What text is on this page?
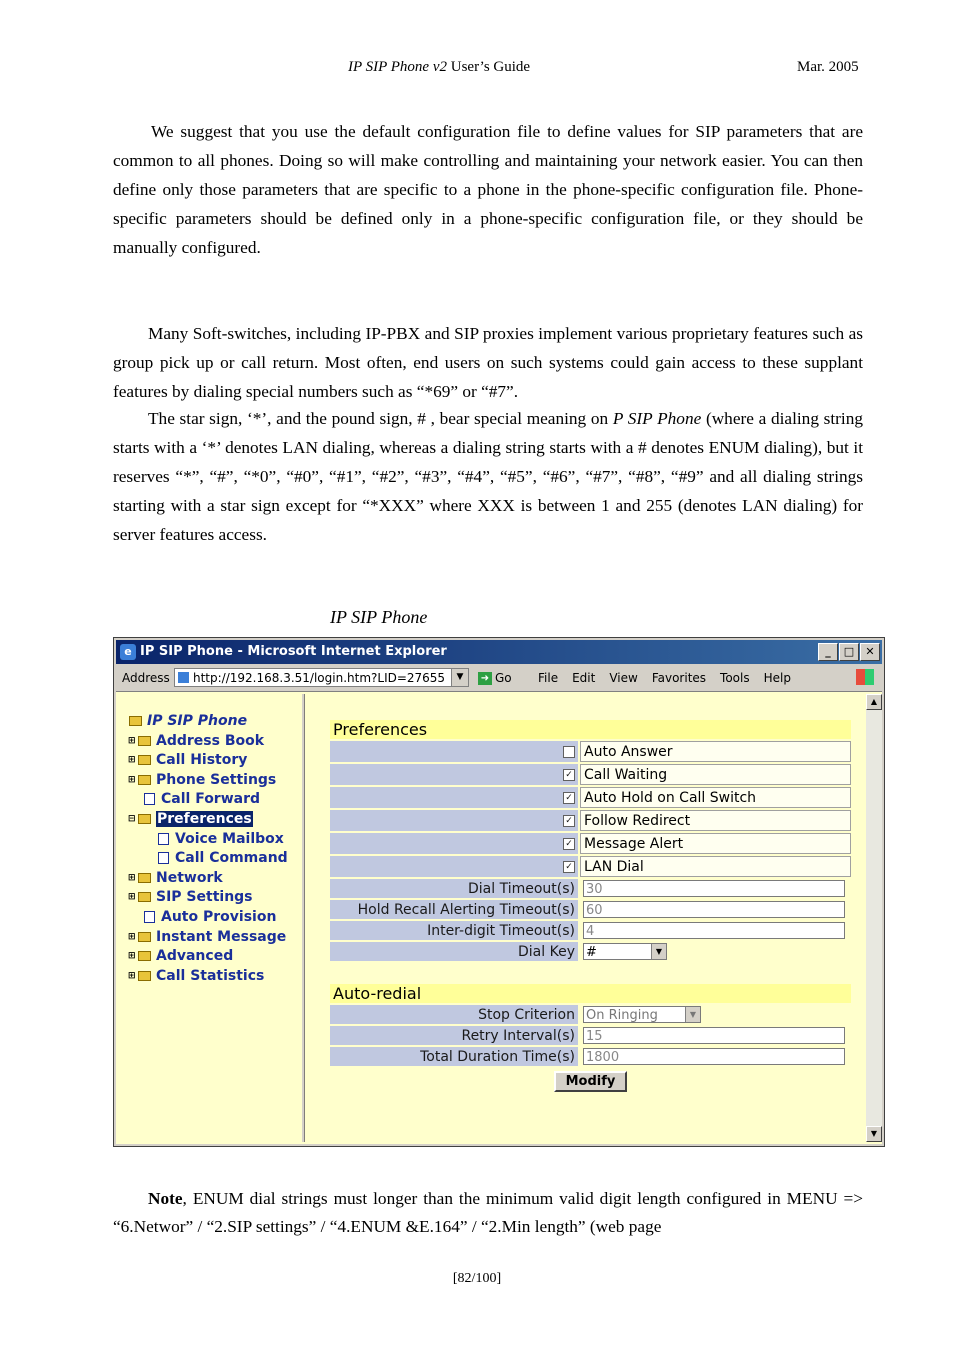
IP SIP Phone v2 User’s Guide	Mar. 2005

We suggest that you use the default configuration file to define values for SIP parameters that are common to all phones. Doing so will make controlling and maintaining your network easier. You can then define only those parameters that are specific to a phone in the phone-specific configuration file. Phone-specific parameters should be defined only in a phone-specific configuration file, or they should be manually configured.

Many Soft-switches, including IP-PBX and SIP proxies implement various proprietary features such as group pick up or call return. Most often, end users on such systems could gain access to these supplant features by dialing special numbers such as “*69” or “#7”.

The star sign, ‘*’, and the pound sign, # , bear special meaning on P SIP Phone (where a dialing string starts with a ‘*’ denotes LAN dialing, whereas a dialing string starts with a # denotes ENUM dialing), but it reserves “*”, “#”, “*0”, “#0”, “#1”, “#2”, “#3”, “#4”, “#5”, “#6”, “#7”, “#8”, “#9” and all dialing strings starting with a star sign except for “*XXX” where XXX is between 1 and 255 (denotes LAN dialing) for server features access.

IP SIP Phone
e IP SIP Phone - Microsoft Internet Explorer	_ □ ✕
Address	http://192.168.3.51/login.htm?LID=27655	▼	➜ Go File Edit View Favorites Tools Help
IP SIP Phone
⊞ Address Book
⊞ Call History
⊞ Phone Settings
Call Forward
⊟ Preferences
Voice Mailbox
Call Command
⊞ Network
⊞ SIP Settings
Auto Provision
⊞ Instant Message
⊞ Advanced
⊞ Call Statistics
Preferences	
	Auto Answer
✓	Call Waiting
✓	Auto Hold on Call Switch
✓	Follow Redirect
✓	Message Alert
✓	LAN Dial
Dial Timeout(s)	30
Hold Recall Alerting Timeout(s)	60
Inter-digit Timeout(s)	4
Dial Key	# ▼

Auto-redial	
Stop Criterion	On Ringing ▼

Retry Interval(s)	15
Total Duration Time(s)	1800
Modify	
▲
▼

Note, ENUM dial strings must longer than the minimum valid digit length configured in MENU => “6.Networ” / “2.SIP settings” / “4.ENUM &E.164” / “2.Min length” (web page

[82/100]
